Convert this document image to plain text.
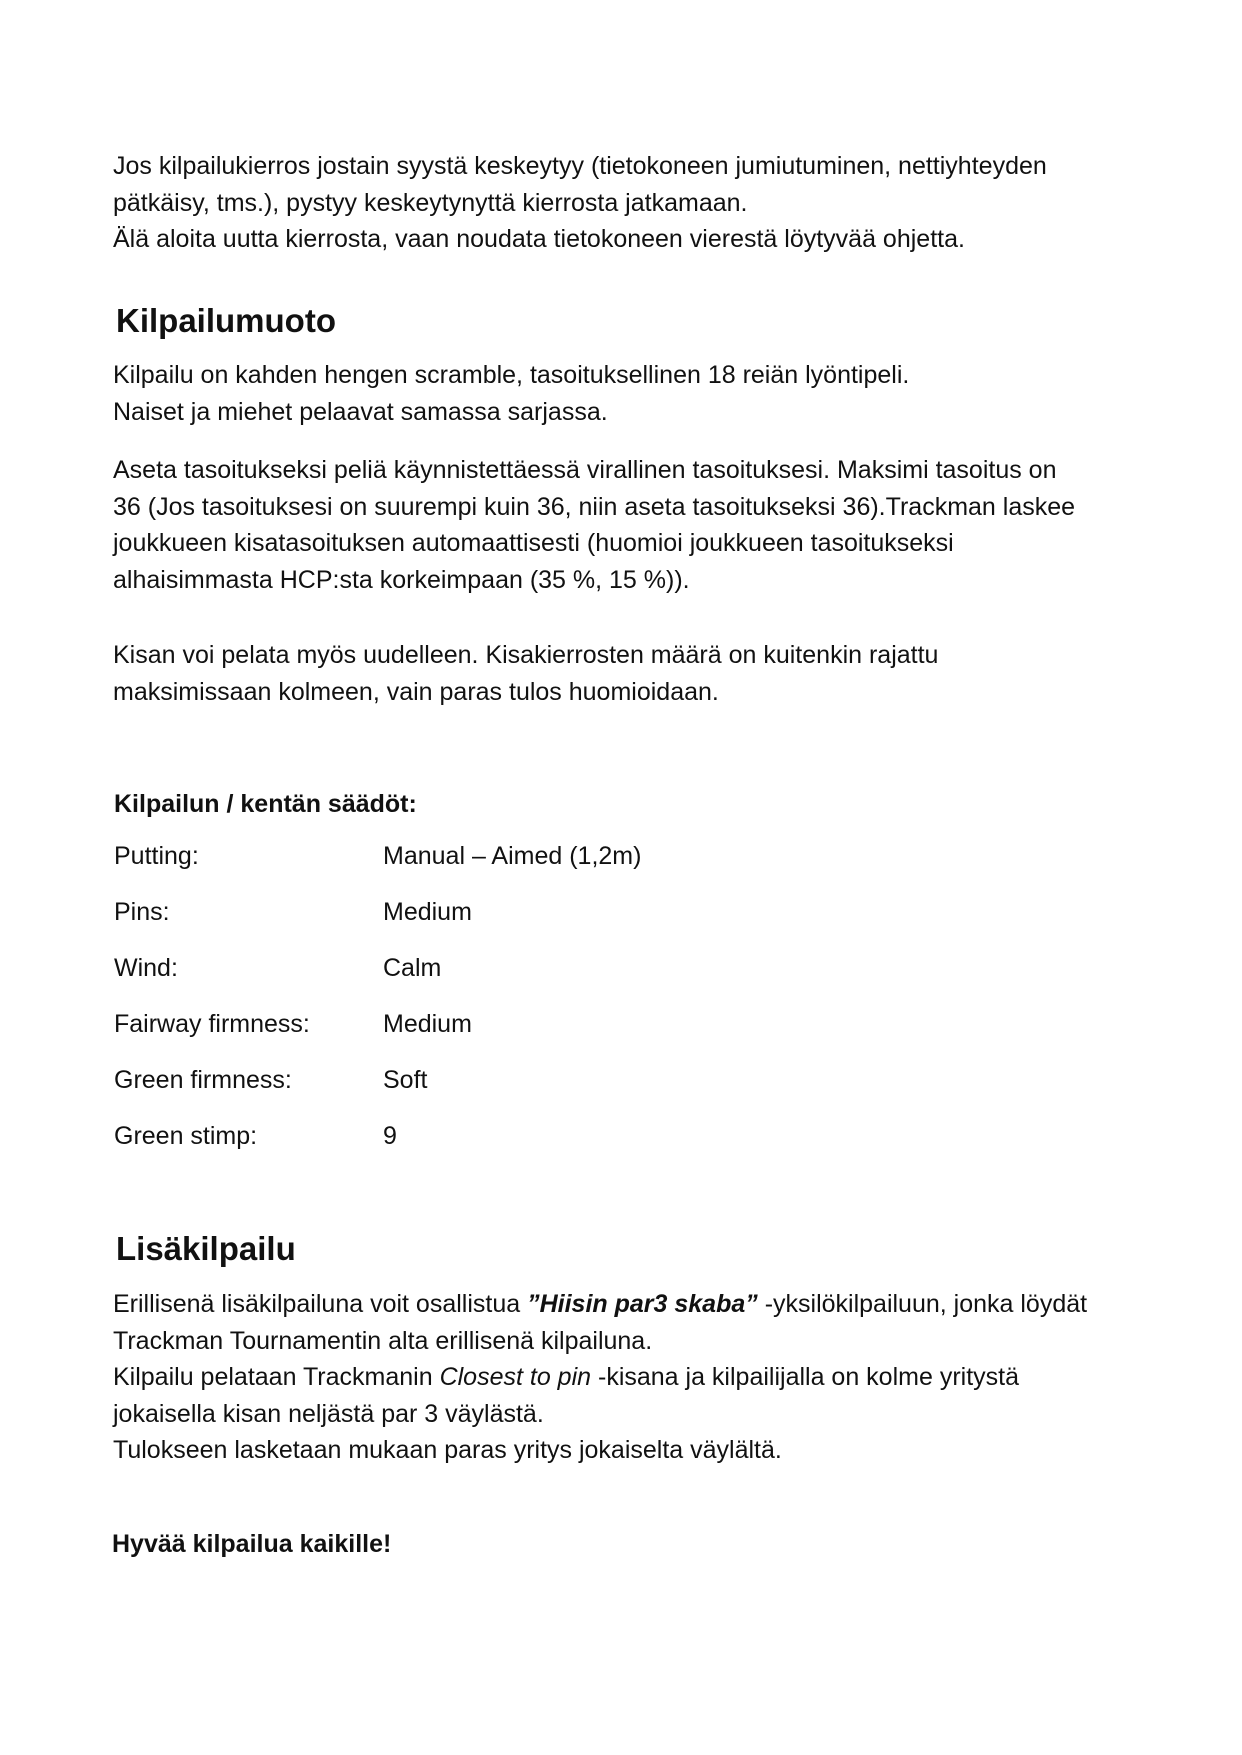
Jos kilpailukierros jostain syystä keskeytyy (tietokoneen jumiutuminen, nettiyhteyden
pätkäisy, tms.), pystyy keskeytynyttä kierrosta jatkamaan.
Älä aloita uutta kierrosta, vaan noudata tietokoneen vierestä löytyvää ohjetta.

Kilpailumuoto

Kilpailu on kahden hengen scramble, tasoituksellinen 18 reiän lyöntipeli.
Naiset ja miehet pelaavat samassa sarjassa.

Aseta tasoitukseksi peliä käynnistettäessä virallinen tasoituksesi. Maksimi tasoitus on
36 (Jos tasoituksesi on suurempi kuin 36, niin aseta tasoitukseksi 36).Trackman laskee
joukkueen kisatasoituksen automaattisesti (huomioi joukkueen tasoitukseksi
alhaisimmasta HCP:sta korkeimpaan (35 %, 15 %)).

Kisan voi pelata myös uudelleen. Kisakierrosten määrä on kuitenkin rajattu
maksimissaan kolmeen, vain paras tulos huomioidaan.

Kilpailun / kentän säädöt:
Putting:	Manual – Aimed (1,2m)
Pins:	Medium
Wind:	Calm
Fairway firmness:	Medium
Green firmness:	Soft
Green stimp:	9
Lisäkilpailu

Erillisenä lisäkilpailuna voit osallistua ”Hiisin par3 skaba” -yksilökilpailuun, jonka löydät
Trackman Tournamentin alta erillisenä kilpailuna.
Kilpailu pelataan Trackmanin Closest to pin -kisana ja kilpailijalla on kolme yritystä
jokaisella kisan neljästä par 3 väylästä.
Tulokseen lasketaan mukaan paras yritys jokaiselta väylältä.

Hyvää kilpailua kaikille!
